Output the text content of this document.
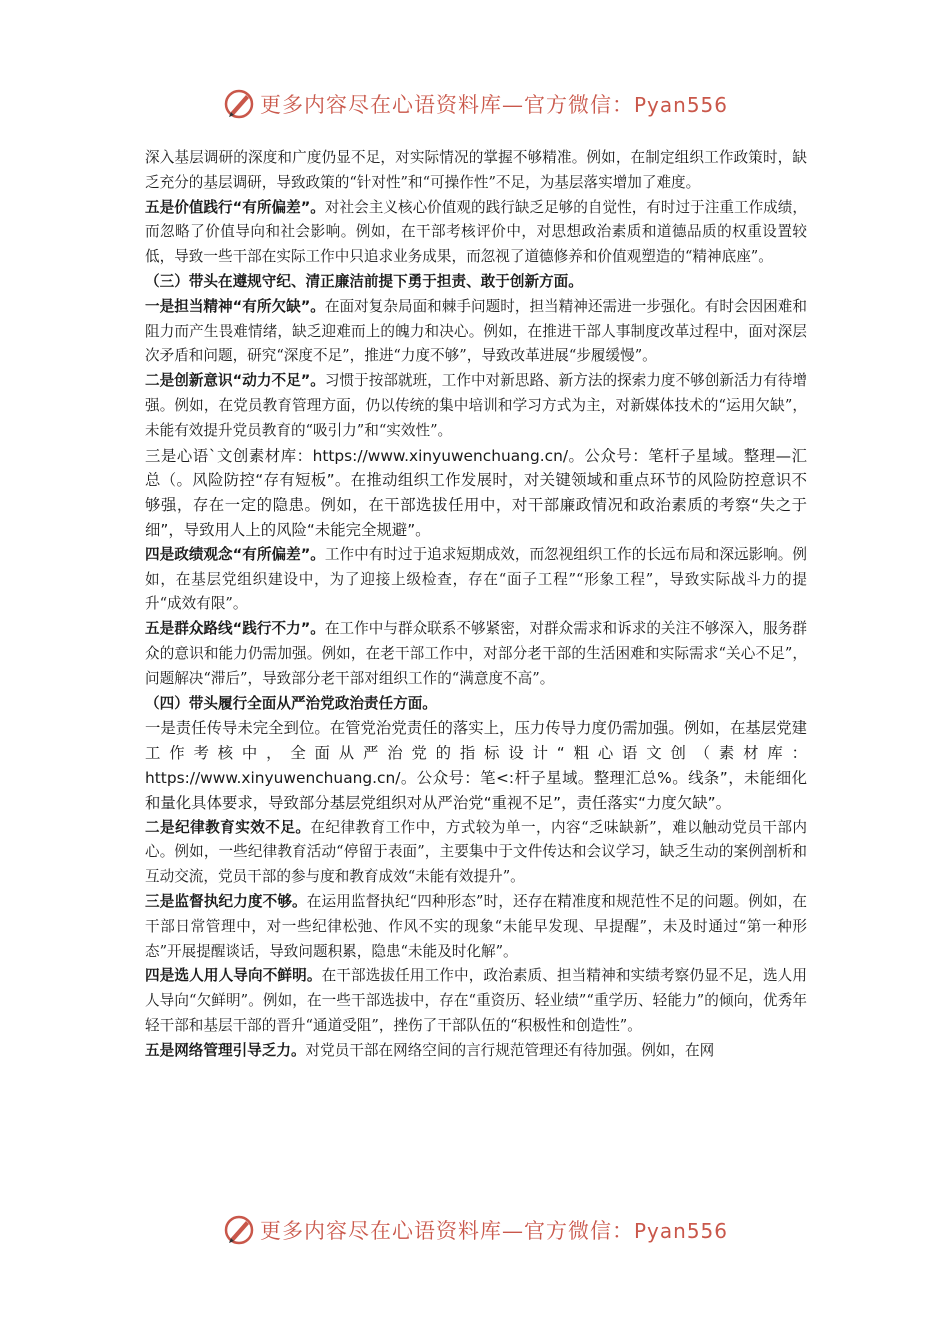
更多内容尽在心语资料库—官方微信：Pyan556

深入基层调研的深度和广度仍显不足，对实际情况的掌握不够精准。例如，在制定组织工作政策时，缺乏充分的基层调研，导致政策的“针对性”和“可操作性”不足，为基层落实增加了难度。

五是价值践行“有所偏差”。对社会主义核心价值观的践行缺乏足够的自觉性，有时过于注重工作成绩，而忽略了价值导向和社会影响。例如，在干部考核评价中，对思想政治素质和道德品质的权重设置较低，导致一些干部在实际工作中只追求业务成果，而忽视了道德修养和价值观塑造的“精神底座”。

（三）带头在遵规守纪、清正廉洁前提下勇于担责、敢于创新方面。

一是担当精神“有所欠缺”。在面对复杂局面和棘手问题时，担当精神还需进一步强化。有时会因困难和阻力而产生畏难情绪，缺乏迎难而上的魄力和决心。例如，在推进干部人事制度改革过程中，面对深层次矛盾和问题，研究“深度不足”，推进“力度不够”，导致改革进展“步履缓慢”。

二是创新意识“动力不足”。习惯于按部就班，工作中对新思路、新方法的探索力度不够创新活力有待增强。例如，在党员教育管理方面，仍以传统的集中培训和学习方式为主，对新媒体技术的“运用欠缺”，未能有效提升党员教育的“吸引力”和“实效性”。

三是心语`文创素材库：https://www.xinyuwenchuang.cn/。公众号：笔杆子星域。整理—汇总（。风险防控“存有短板”。在推动组织工作发展时，对关键领域和重点环节的风险防控意识不够强，存在一定的隐患。例如，在干部选拔任用中，对干部廉政情况和政治素质的考察“失之于细”，导致用人上的风险“未能完全规避”。

四是政绩观念“有所偏差”。工作中有时过于追求短期成效，而忽视组织工作的长远布局和深远影响。例如，在基层党组织建设中，为了迎接上级检查，存在“面子工程”“形象工程”，导致实际战斗力的提升“成效有限”。

五是群众路线“践行不力”。在工作中与群众联系不够紧密，对群众需求和诉求的关注不够深入，服务群众的意识和能力仍需加强。例如，在老干部工作中，对部分老干部的生活困难和实际需求“关心不足”，问题解决“滞后”，导致部分老干部对组织工作的“满意度不高”。

（四）带头履行全面从严治党政治责任方面。

一是责任传导未完全到位。在管党治党责任的落实上，压力传导力度仍需加强。例如，在基层党建工作考核中，全面从严治党的指标设计“粗心语文创（素材库：https://www.xinyuwenchuang.cn/。公众号：笔<:杆子星域。整理汇总%。线条”，未能细化和量化具体要求，导致部分基层党组织对从严治党“重视不足”，责任落实“力度欠缺”。

二是纪律教育实效不足。在纪律教育工作中，方式较为单一，内容“乏味缺新”，难以触动党员干部内心。例如，一些纪律教育活动“停留于表面”，主要集中于文件传达和会议学习，缺乏生动的案例剖析和互动交流，党员干部的参与度和教育成效“未能有效提升”。

三是监督执纪力度不够。在运用监督执纪“四种形态”时，还存在精准度和规范性不足的问题。例如，在干部日常管理中，对一些纪律松弛、作风不实的现象“未能早发现、早提醒”，未及时通过“第一种形态”开展提醒谈话，导致问题积累，隐患“未能及时化解”。

四是选人用人导向不鲜明。在干部选拔任用工作中，政治素质、担当精神和实绩考察仍显不足，选人用人导向“欠鲜明”。例如，在一些干部选拔中，存在“重资历、轻业绩”“重学历、轻能力”的倾向，优秀年轻干部和基层干部的晋升“通道受阻”，挫伤了干部队伍的“积极性和创造性”。

五是网络管理引导乏力。对党员干部在网络空间的言行规范管理还有待加强。例如，在网

更多内容尽在心语资料库—官方微信：Pyan556
